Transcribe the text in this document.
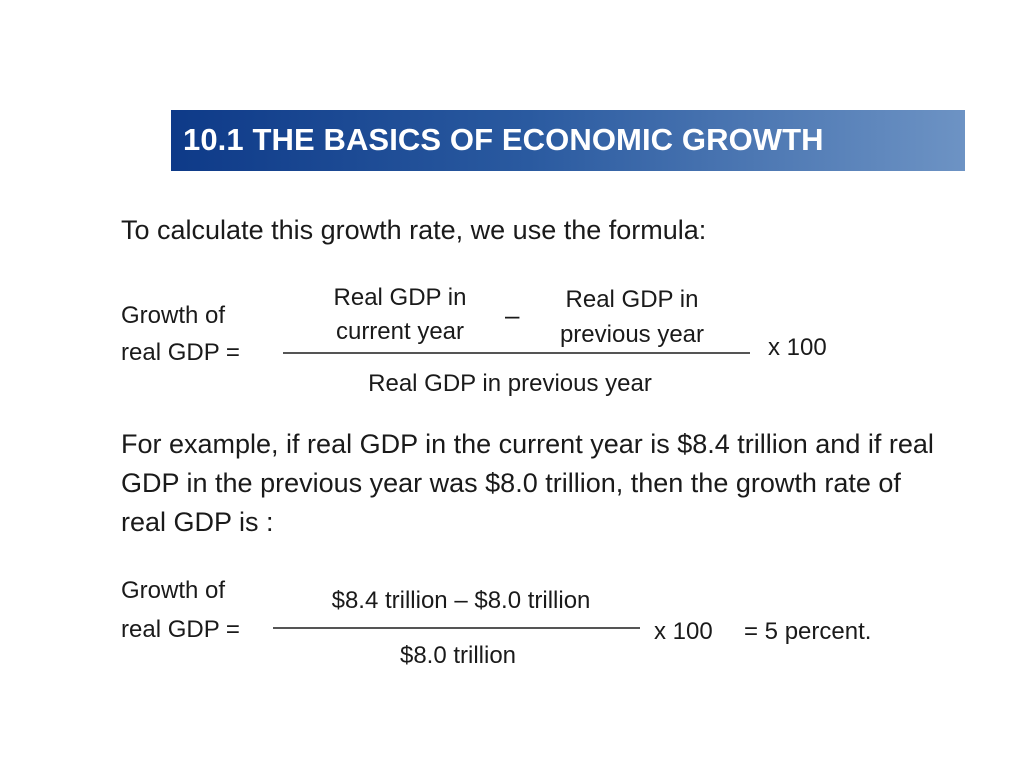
10.1 THE BASICS OF ECONOMIC GROWTH
To calculate this growth rate, we use the formula:
Growth of
real GDP =
Real GDP in
current year
–
Real GDP in
previous year
Real GDP in previous year
x 100
For example, if real GDP in the current year is $8.4 trillion and if real GDP in the previous year was $8.0 trillion, then the growth rate of real GDP is :
Growth of
real GDP =
$8.4 trillion – $8.0 trillion
$8.0 trillion
x 100 = 5 percent.
